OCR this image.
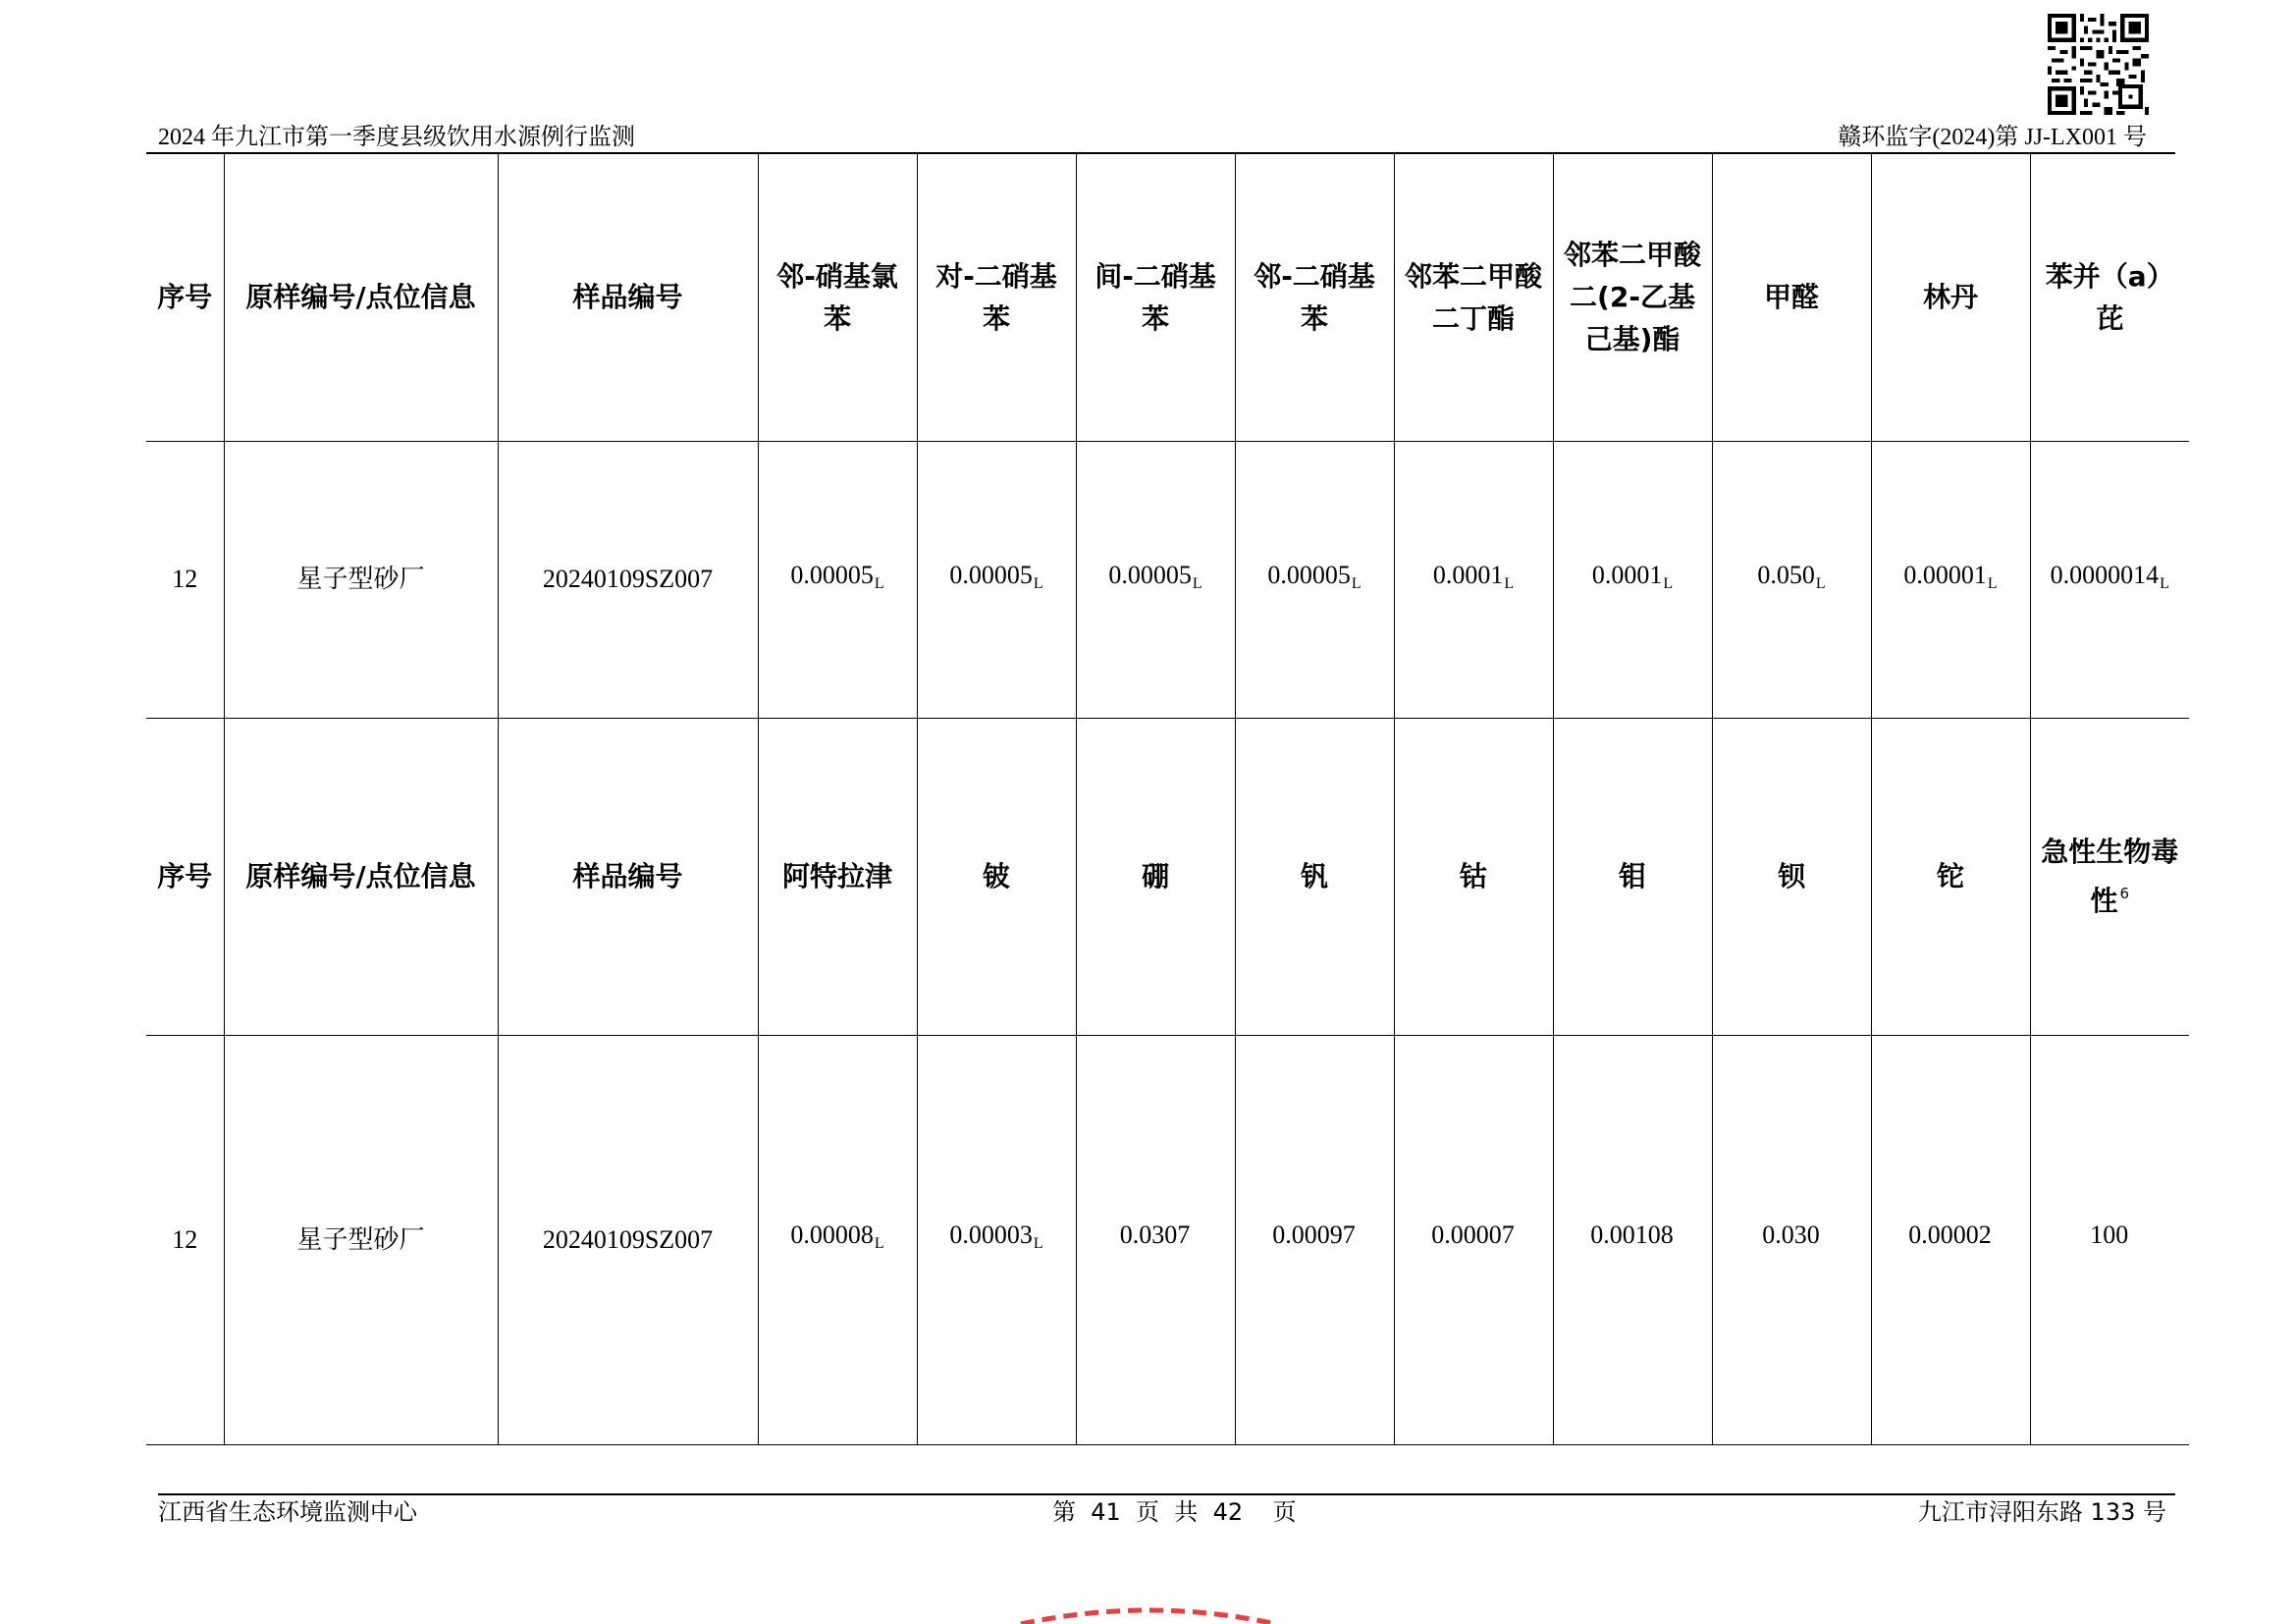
2024 年九江市第一季度县级饮用水源例行监测	赣环监字(2024)第 JJ-LX001 号
序号	原样编号/点位信息	样品编号	邻-硝基氯苯	对-二硝基苯	间-二硝基苯	邻-二硝基苯	邻苯二甲酸二丁酯	邻苯二甲酸二(2-乙基己基)酯	甲醛	林丹	苯并（a）芘
12	星子型砂厂	20240109SZ007	$0.00005_L$	$0.00005_L$	$0.00005_L$	$0.00005_L$	$0.0001_L$	$0.0001_L$	$0.050_L$	$0.00001_L$	$0.0000014_L$
序号	原样编号/点位信息	样品编号	阿特拉津	铍	硼	钒	钴	钼	钡	铊	急性生物毒性 $^6$
12	星子型砂厂	20240109SZ007	$0.00008_L$	$0.00003_L$	0.0307	0.00097	0.00007	0.00108	0.030	0.00002	100
江西省生态环境监测中心	第  41  页  共  42    页	九江市浔阳东路 133 号
